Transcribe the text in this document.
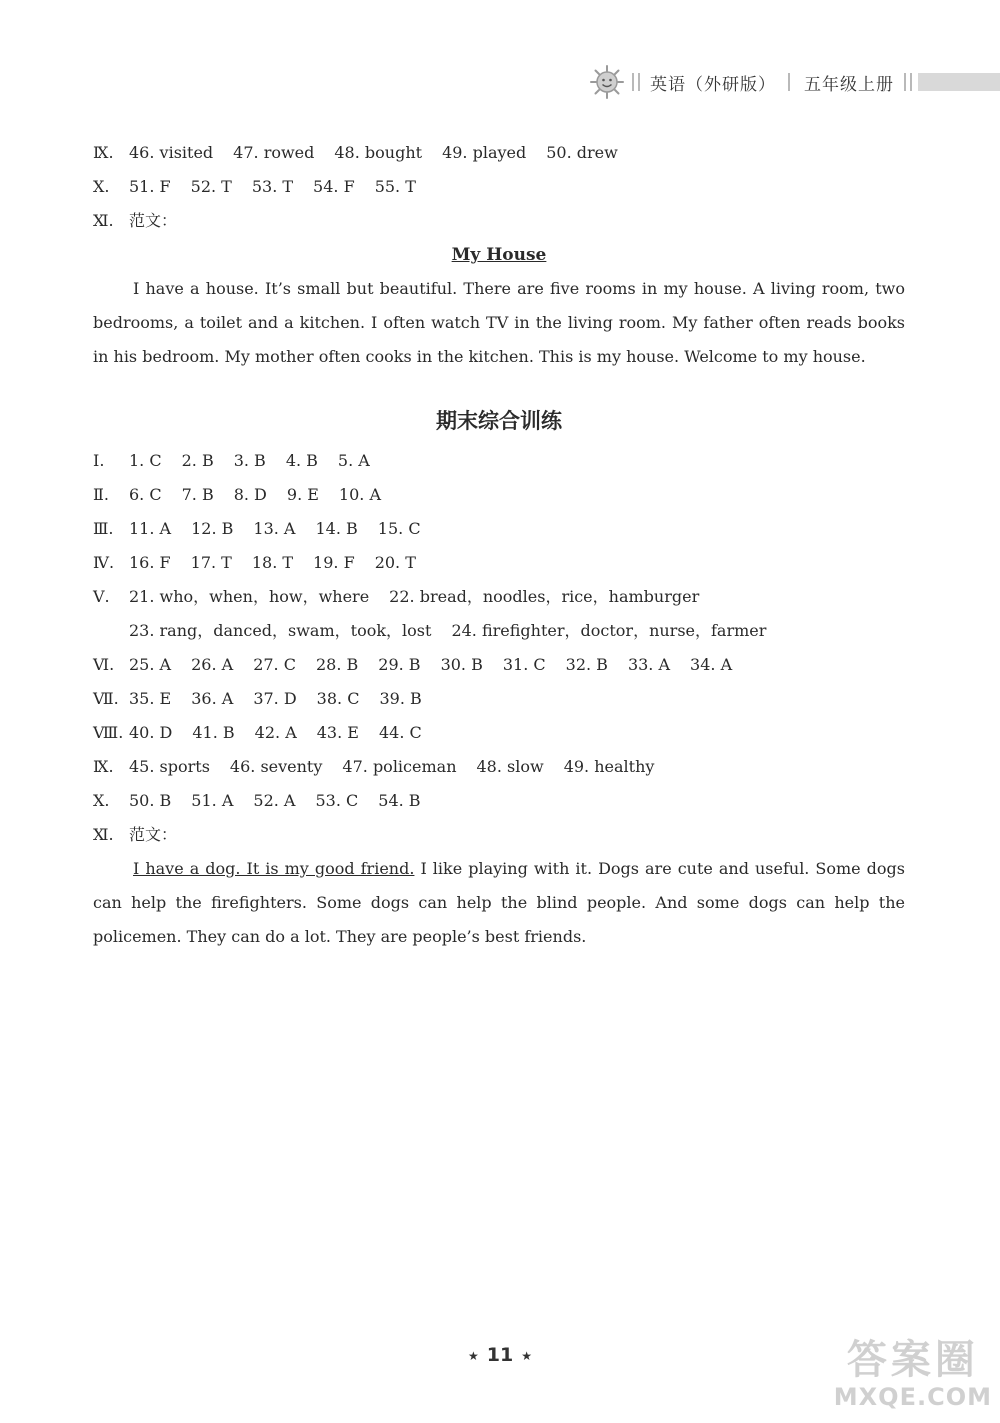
英语（外研版） 五年级上册
Ⅸ. 46. visited 47. rowed 48. bought 49. played 50. drew
Ⅹ. 51. F 52. T 53. T 54. F 55. T
Ⅺ. 范文：
My House

I have a house. It’s small but beautiful. There are five rooms in my house. A living room, two bedrooms, a toilet and a kitchen. I often watch TV in the living room. My father often reads books in his bedroom. My mother often cooks in the kitchen. This is my house. Welcome to my house.

期末综合训练
Ⅰ. 1. C 2. B 3. B 4. B 5. A
Ⅱ. 6. C 7. B 8. D 9. E 10. A
Ⅲ. 11. A 12. B 13. A 14. B 15. C
Ⅳ. 16. F 17. T 18. T 19. F 20. T
Ⅴ. 21. who，when，how，where 22. bread，noodles，rice，hamburger
23. rang，danced，swam，took，lost 24. firefighter，doctor，nurse，farmer
Ⅵ. 25. A 26. A 27. C 28. B 29. B 30. B 31. C 32. B 33. A 34. A
Ⅶ. 35. E 36. A 37. D 38. C 39. B
Ⅷ. 40. D 41. B 42. A 43. E 44. C
Ⅸ. 45. sports 46. seventy 47. policeman 48. slow 49. healthy
Ⅹ. 50. B 51. A 52. A 53. C 54. B
Ⅺ. 范文：

I have a dog. It is my good friend. I like playing with it. Dogs are cute and useful. Some dogs can help the firefighters. Some dogs can help the blind people. And some dogs can help the policemen. They can do a lot. They are people’s best friends.

★ 11 ★	答案圈
MXQE.COM
